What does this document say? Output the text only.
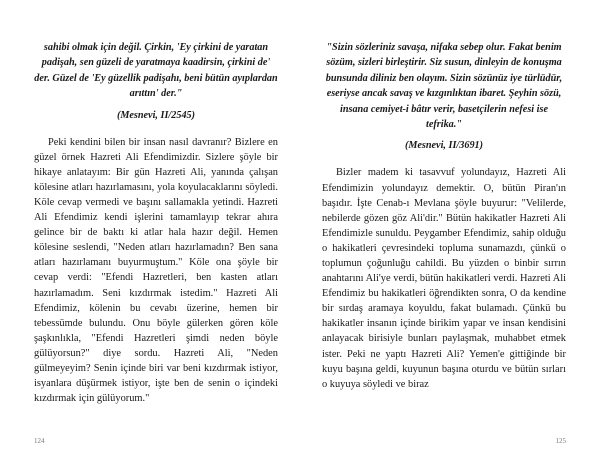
sahibi olmak için değil. Çirkin, 'Ey çirkini de yaratan padişah, sen güzeli de yaratmaya kaadirsin, çirkini de' der. Güzel de 'Ey güzellik padişahı, beni bütün ayıplardan arıttın' der."
(Mesnevi, II/2545)
Peki kendini bilen bir insan nasıl davranır? Bizlere en güzel örnek Hazreti Ali Efendimizdir. Sizlere şöyle bir hikaye anlatayım: Bir gün Hazreti Ali, yanında çalışan kölesine atları hazırlamasını, yola koyulacaklarını söyledi. Köle cevap vermedi ve başını sallamakla yetindi. Hazreti Ali Efendimiz kendi işlerini tamamlayıp tekrar ahıra gelince bir de baktı ki atlar hala hazır değil. Hemen kölesine seslendi, "Neden atları hazırlamadın? Ben sana atları hazırlamanı buyurmuştum." Köle ona şöyle bir cevap verdi: "Efendi Hazretleri, ben kasten atları hazırlamadım. Seni kızdırmak istedim." Hazreti Ali Efendimiz, kölenin bu cevabı üzerine, hemen bir tebessümde bulundu. Onu böyle gülerken gören köle şaşkınlıkla, "Efendi Hazretleri şimdi neden böyle gülüyorsun?" diye sordu. Hazreti Ali, "Neden gülmeyeyim? Senin içinde biri var beni kızdırmak istiyor, isyanlara düşürmek istiyor, işte ben de senin o içindeki kızdırmak için gülüyorum."
124
"Sizin sözleriniz savaşa, nifaka sebep olur. Fakat benim sözüm, sizleri birleştirir. Siz susun, dinleyin de konuşma bunsunda diliniz ben olayım. Sizin sözünüz iye türlüdür, eseriyse ancak savaş ve kızgınlıktan ibaret. Şeyhin sözü, insana cemiyet-i bâtır verir, basetçilerin nefesi ise tefrika."
(Mesnevi, II/3691)
Bizler madem ki tasavvuf yolundayız, Hazreti Ali Efendimizin yolundayız demektir. O, bütün Piran'ın başıdır. İşte Cenab-ı Mevlana şöyle buyurur: "Velilerde, nebilerde gözen göz Ali'dir." Bütün hakikatler Hazreti Ali Efendimizle sunuldu. Peygamber Efendimiz, sahip olduğu o hakikatleri çevresindeki topluma sunamazdı, çünkü o toplumun çoğunluğu cahildi. Bu yüzden o binbir sırrın anahtarını Ali'ye verdi, bütün hakikatleri verdi. Hazreti Ali Efendimiz bu hakikatleri öğrendikten sonra, O da kendine bir sırdaş aramaya koyuldu, fakat bulamadı. Çünkü bu hakikatler insanın içinde birikim yapar ve insan kendisini anlayacak birisiyle bunları paylaşmak, muhabbet etmek ister. Peki ne yaptı Hazreti Ali? Yemen'e gittiğinde bir kuyu başına geldi, kuyunun başına oturdu ve bütün sırları o kuyuya söyledi ve biraz
125
